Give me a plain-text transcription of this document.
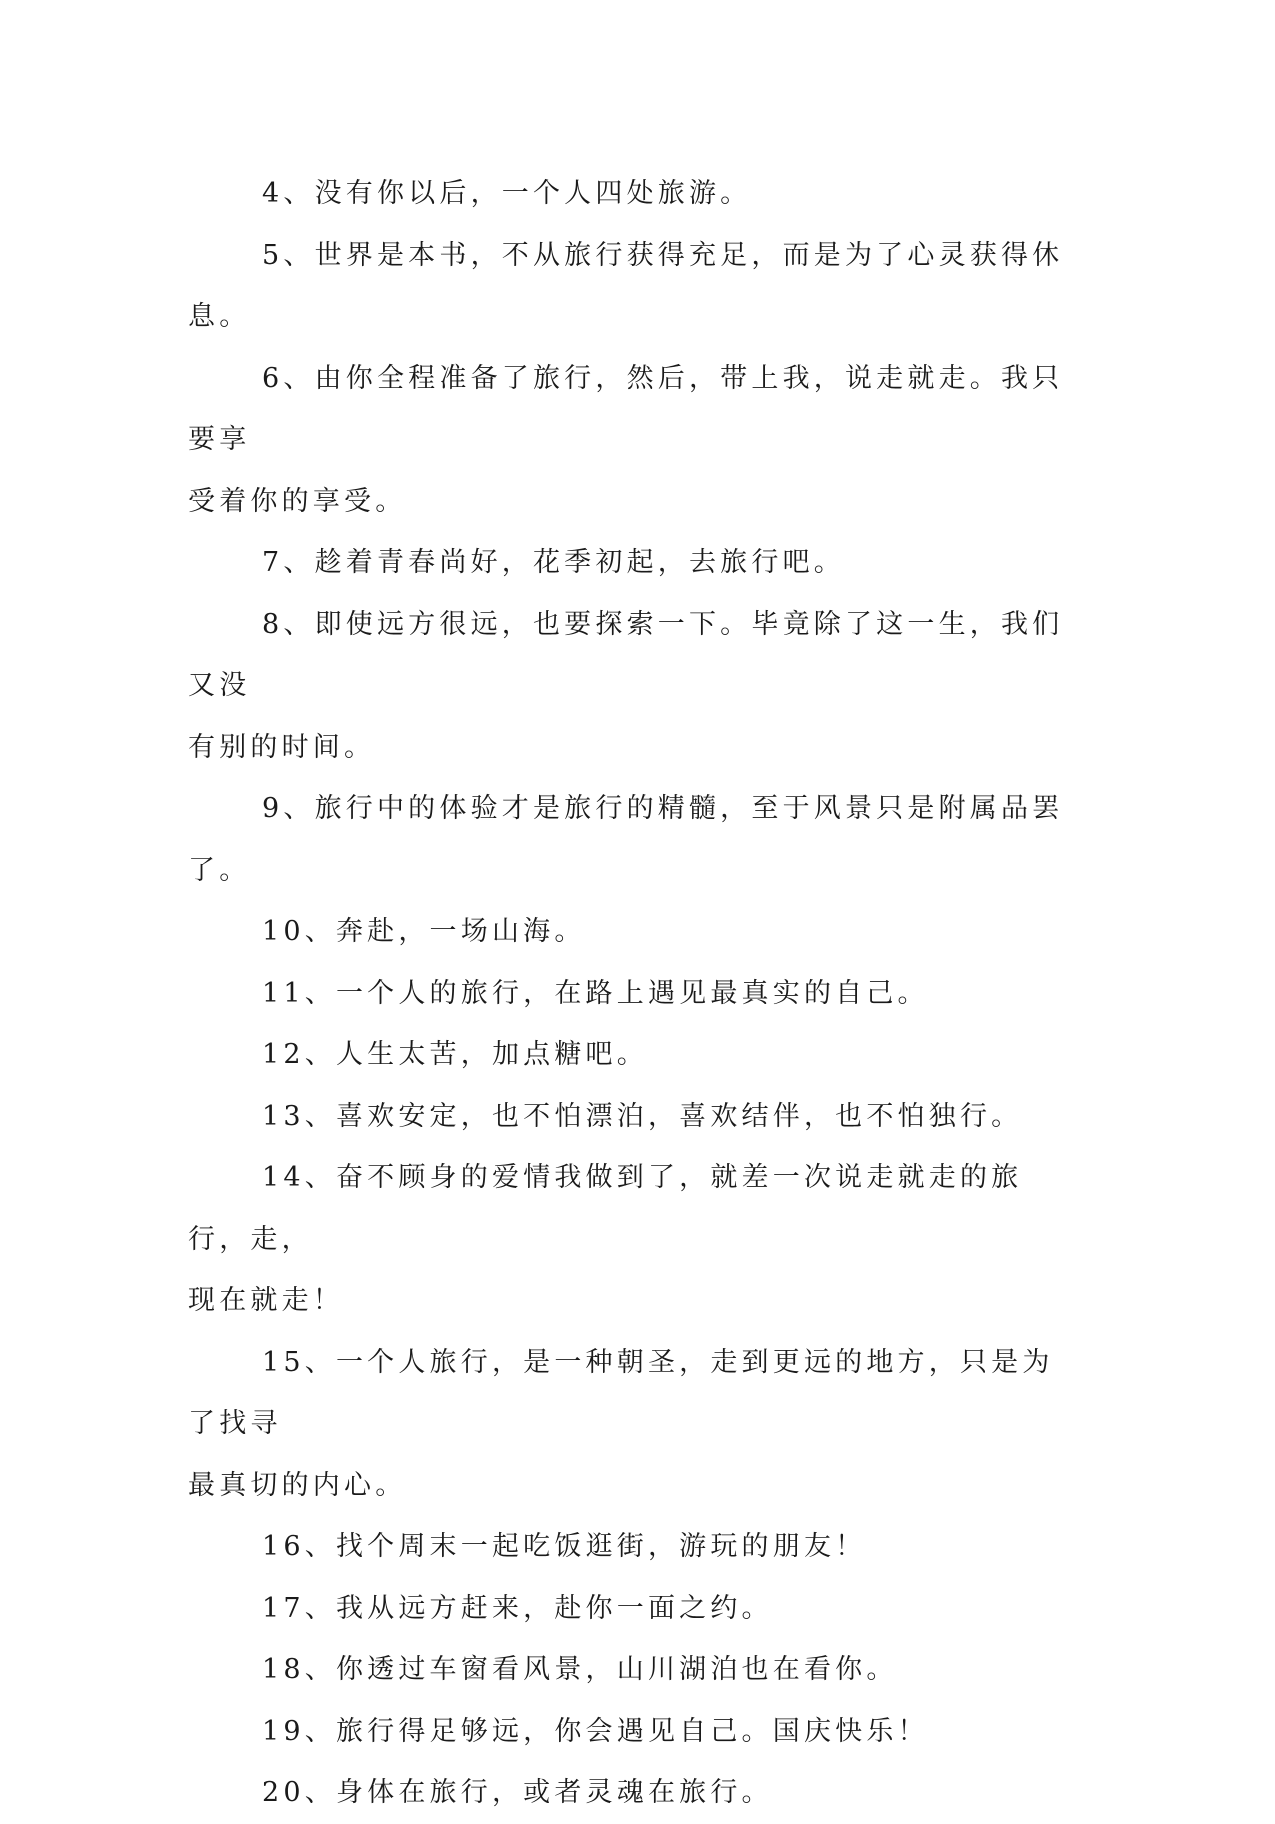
4、没有你以后，一个人四处旅游。

5、世界是本书，不从旅行获得充足，而是为了心灵获得休息。

6、由你全程准备了旅行，然后，带上我，说走就走。我只要享
受着你的享受。

7、趁着青春尚好，花季初起，去旅行吧。

8、即使远方很远，也要探索一下。毕竟除了这一生，我们又没
有别的时间。

9、旅行中的体验才是旅行的精髓，至于风景只是附属品罢了。

10、奔赴，一场山海。

11、一个人的旅行，在路上遇见最真实的自己。

12、人生太苦，加点糖吧。

13、喜欢安定，也不怕漂泊，喜欢结伴，也不怕独行。

14、奋不顾身的爱情我做到了，就差一次说走就走的旅行，走，
现在就走！

15、一个人旅行，是一种朝圣，走到更远的地方，只是为了找寻
最真切的内心。

16、找个周末一起吃饭逛街，游玩的朋友！

17、我从远方赶来，赴你一面之约。

18、你透过车窗看风景，山川湖泊也在看你。

19、旅行得足够远，你会遇见自己。国庆快乐！

20、身体在旅行，或者灵魂在旅行。
